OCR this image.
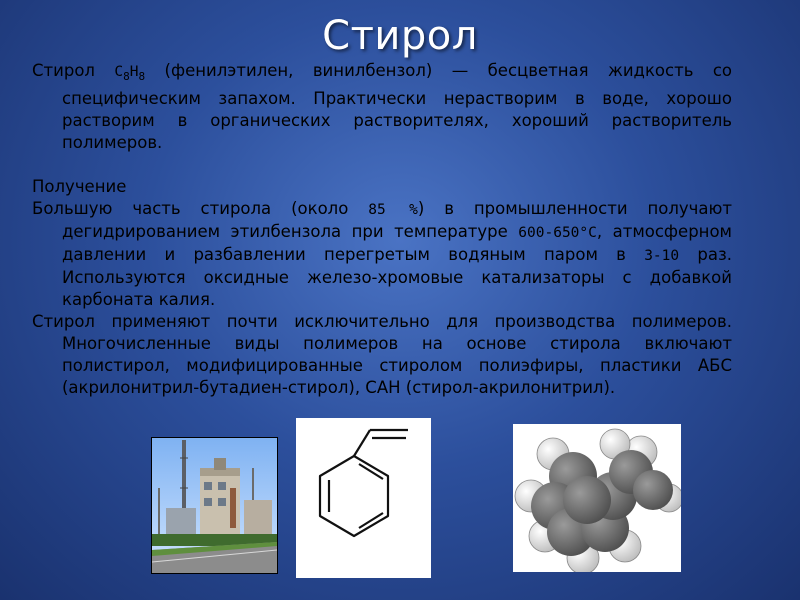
Стирол

Стирол $C_8H_8$ (фенилэтилен, винилбензол) — бесцветная жидкость со специфическим запахом. Практически нерастворим в воде, хорошо растворим в органических растворителях, хороший растворитель полимеров.

Получение

Большую часть стирола (около 85 %) в промышленности получают дегидрированием этилбензола при температуре 600-650°C, атмосферном давлении и разбавлении перегретым водяным паром в 3-10 раз. Используются оксидные железо-хромовые катализаторы с добавкой карбоната калия.

Стирол применяют почти исключительно для производства полимеров. Многочисленные виды полимеров на основе стирола включают полистирол, модифицированные стиролом полиэфиры, пластики АБС (акрилонитрил-бутадиен-стирол), САН (стирол-акрилонитрил).
